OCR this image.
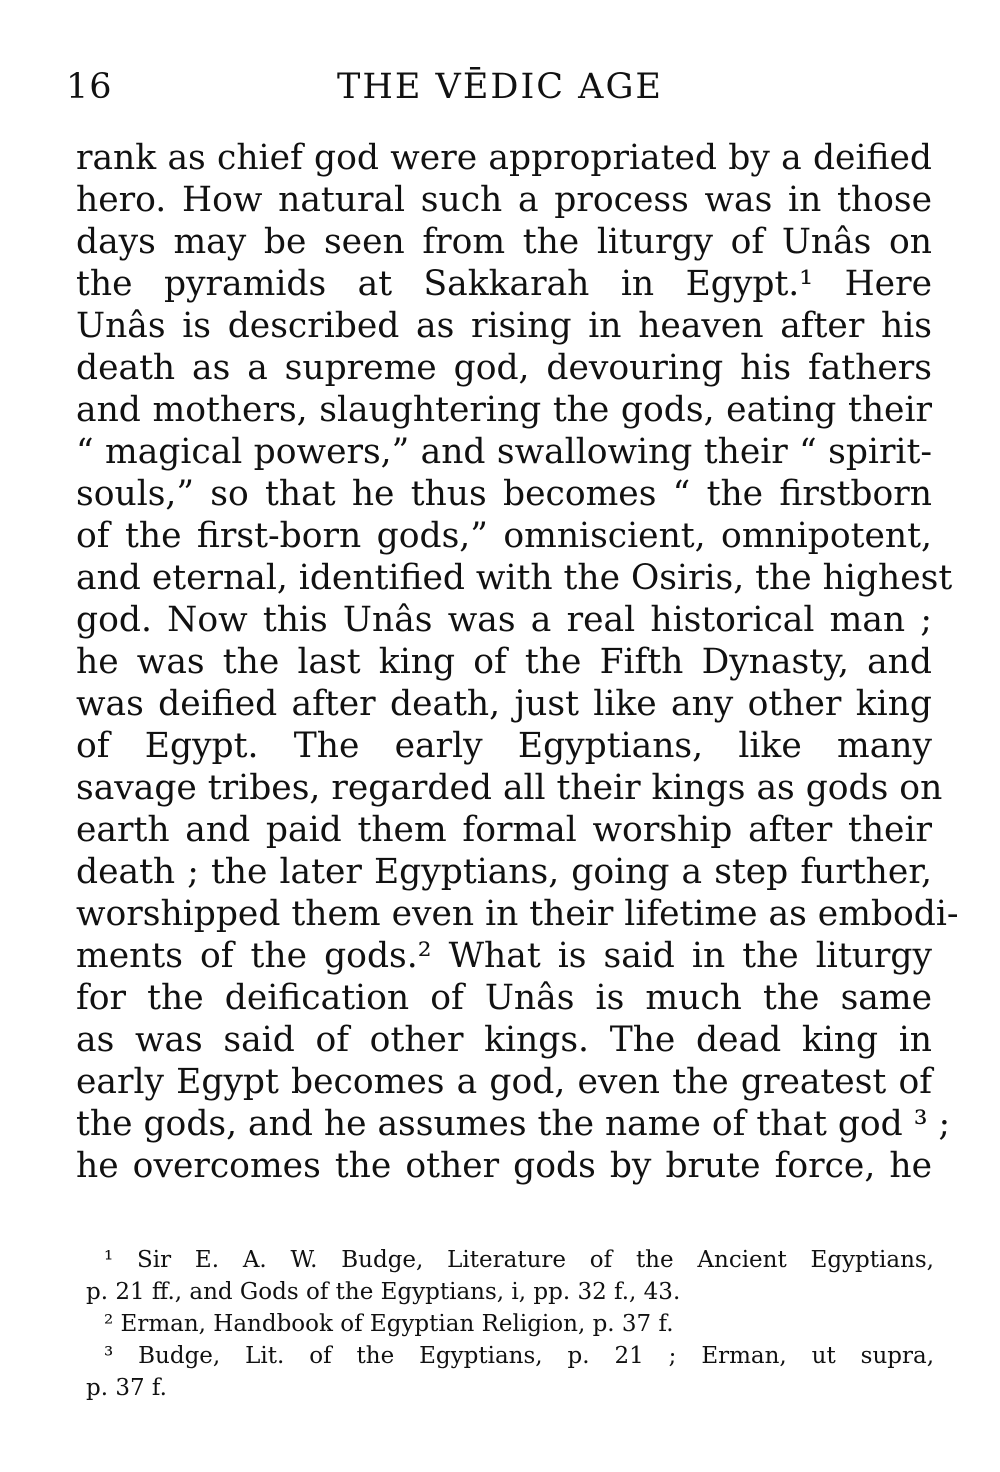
16	THE VĒDIC AGE
rank as chief god were appropriated by a deified
hero. How natural such a process was in those
days may be seen from the liturgy of Unâs on
the pyramids at Sakkarah in Egypt.¹ Here
Unâs is described as rising in heaven after his
death as a supreme god, devouring his fathers
and mothers, slaughtering the gods, eating their
“ magical powers,” and swallowing their “ spirit-
souls,” so that he thus becomes “ the firstborn
of the first-born gods,” omniscient, omnipotent,
and eternal, identified with the Osiris, the highest
god. Now this Unâs was a real historical man ;
he was the last king of the Fifth Dynasty, and
was deified after death, just like any other king
of Egypt. The early Egyptians, like many
savage tribes, regarded all their kings as gods on
earth and paid them formal worship after their
death ; the later Egyptians, going a step further,
worshipped them even in their lifetime as embodi-
ments of the gods.² What is said in the liturgy
for the deification of Unâs is much the same
as was said of other kings. The dead king in
early Egypt becomes a god, even the greatest of
the gods, and he assumes the name of that god ³ ;
he overcomes the other gods by brute force, he
¹ Sir E. A. W. Budge, Literature of the Ancient Egyptians,
p. 21 ff., and Gods of the Egyptians, i, pp. 32 f., 43.
² Erman, Handbook of Egyptian Religion, p. 37 f.
³ Budge, Lit. of the Egyptians, p. 21 ; Erman, ut supra,
p. 37 f.
